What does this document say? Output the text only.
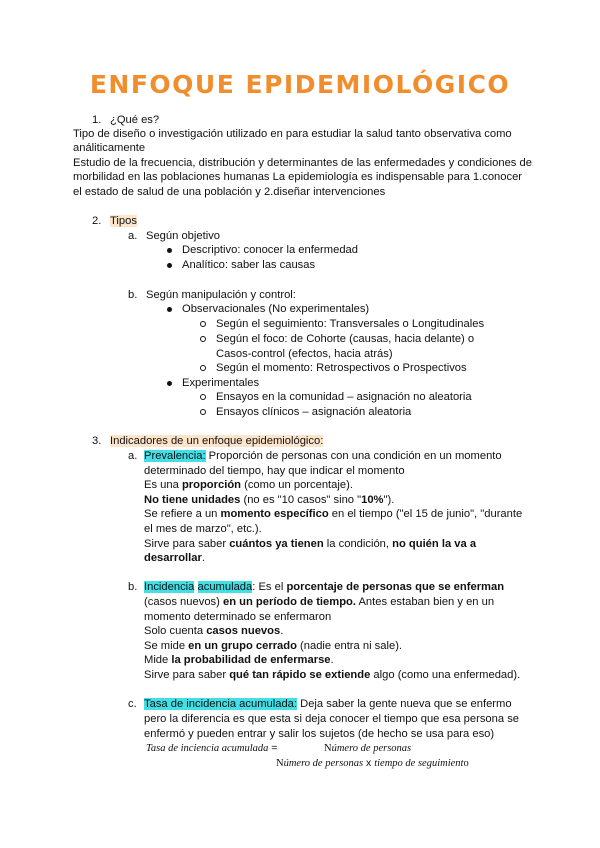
ENFOQUE EPIDEMIOLÓGICO
1. ¿Qué es?
Tipo de diseño o investigación utilizado en para estudiar la salud tanto observativa como
análiticamente
Estudio de la frecuencia, distribución y determinantes de las enfermedades y condiciones de
morbilidad en las poblaciones humanas La epidemiología es indispensable para 1.conocer
el estado de salud de una población y 2.diseñar intervenciones
2. Tipos
a. Según objetivo
Descriptivo: conocer la enfermedad
Analítico: saber las causas
b. Según manipulación y control:
Observacionales (No experimentales)
Según el seguimiento: Transversales o Longitudinales
Según el foco: de Cohorte (causas, hacia delante) o
Casos-control (efectos, hacia atrás)
Según el momento: Retrospectivos o Prospectivos
Experimentales
Ensayos en la comunidad – asignación no aleatoria
Ensayos clínicos – asignación aleatoria
3. Indicadores de un enfoque epidemiológico:
a. Prevalencia: Proporción de personas con una condición en un momento
determinado del tiempo, hay que indicar el momento
Es una proporción (como un porcentaje).
No tiene unidades (no es "10 casos" sino "10%").
Se refiere a un momento específico en el tiempo ("el 15 de junio", "durante
el mes de marzo", etc.).
Sirve para saber cuántos ya tienen la condición, no quién la va a
desarrollar.
b. Incidencia acumulada: Es el porcentaje de personas que se enferman
(casos nuevos) en un período de tiempo. Antes estaban bien y en un
momento determinado se enfermaron
Solo cuenta casos nuevos.
Se mide en un grupo cerrado (nadie entra ni sale).
Mide la probabilidad de enfermarse.
Sirve para saber qué tan rápido se extiende algo (como una enfermedad).
c. Tasa de incidencia acumulada: Deja saber la gente nueva que se enfermo
pero la diferencia es que esta si deja conocer el tiempo que esa persona se
enfermó y pueden entrar y salir los sujetos (de hecho se usa para eso)
Tasa de inciencia acumulada =	Número de personas
Número de personas x tiempo de seguimiento
